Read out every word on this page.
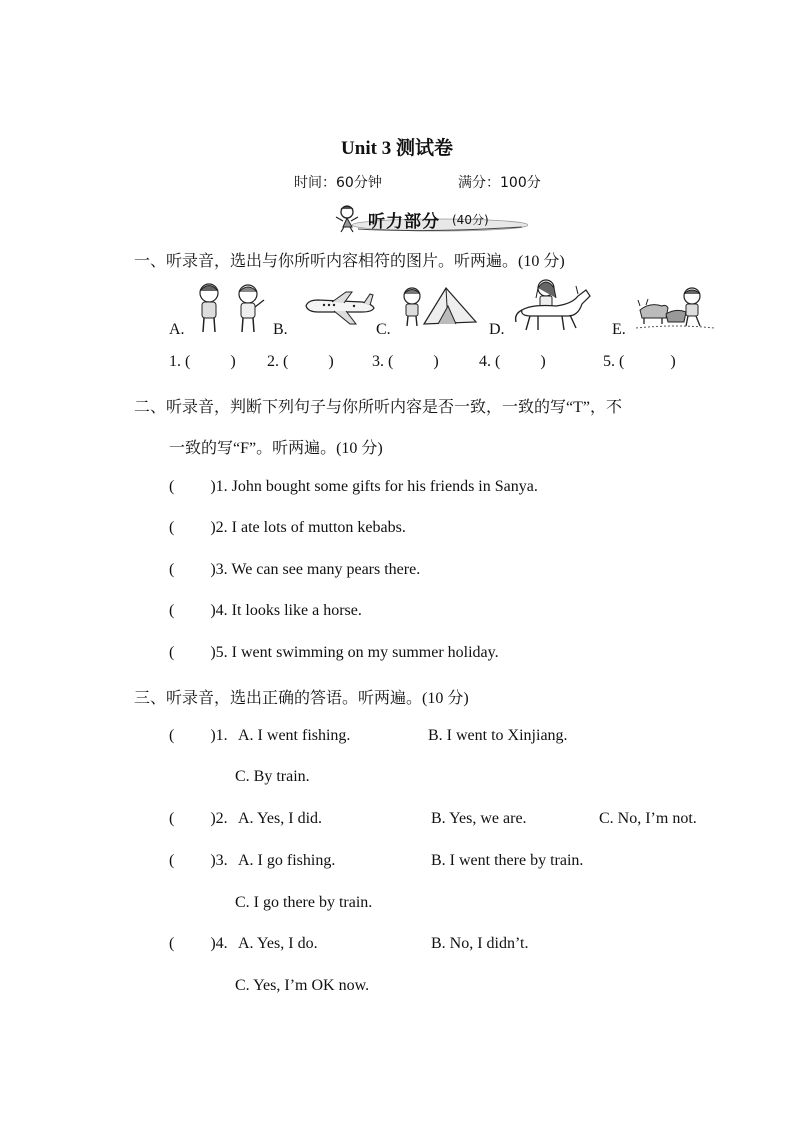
Unit 3 测试卷
时间：60分钟	满分：100分
听力部分 (40分)
一、听录音，选出与你所听内容相符的图片。听两遍。(10 分)
A.	B.	C.	D.	E.
1. (	) 2. (	) 3. (	)	4. (	)	5. (	)
二、听录音，判断下列句子与你所听内容是否一致，一致的写“T”，不
一致的写“F”。听两遍。(10 分)
( )1. John bought some gifts for his friends in Sanya.
( )2. I ate lots of mutton kebabs.
( )3. We can see many pears there.
( )4. It looks like a horse.
( )5. I went swimming on my summer holiday.
三、听录音，选出正确的答语。听两遍。(10 分)
( )1. A. I went fishing.	B. I went to Xinjiang.
C. By train.
( )2. A. Yes, I did.	B. Yes, we are.	C. No, I’m not.
( )3. A. I go fishing.	B. I went there by train.
C. I go there by train.
( )4. A. Yes, I do.	B. No, I didn’t.
C. Yes, I’m OK now.
